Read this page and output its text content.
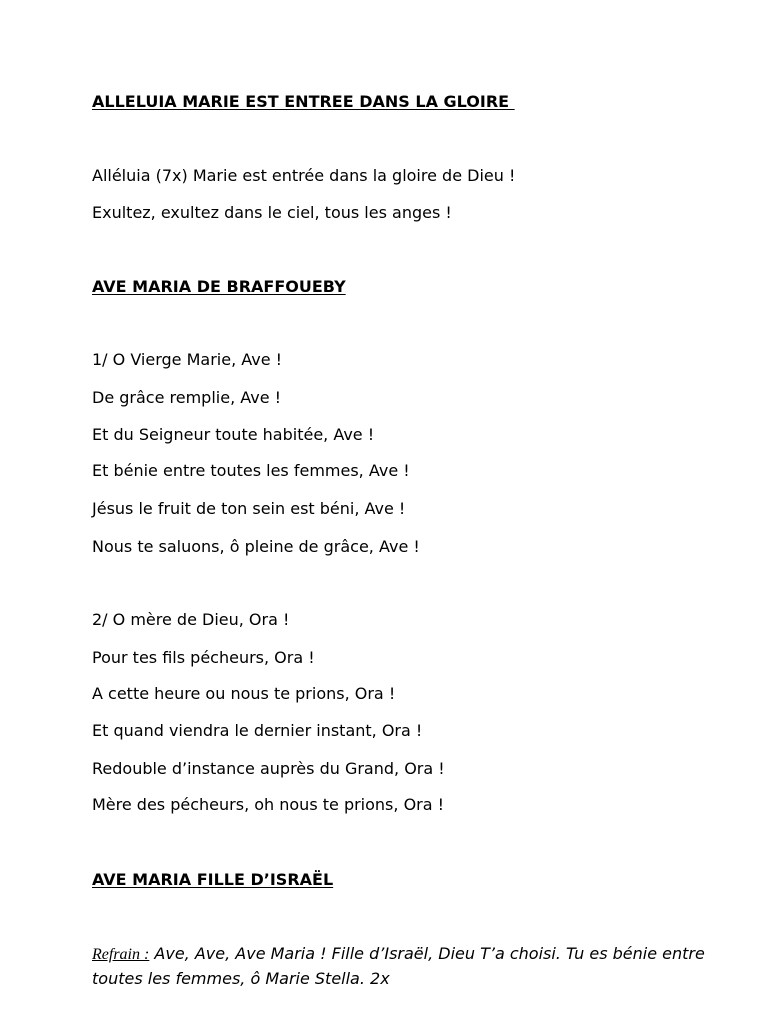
ALLELUIA MARIE EST ENTREE DANS LA GLOIRE
Alléluia (7x) Marie est entrée dans la gloire de Dieu !
Exultez, exultez dans le ciel, tous les anges !
AVE MARIA DE BRAFFOUEBY
1/ O Vierge Marie, Ave !
De grâce remplie, Ave !
Et du Seigneur toute habitée, Ave !
Et bénie entre toutes les femmes, Ave !
Jésus le fruit de ton sein est béni, Ave !
Nous te saluons, ô pleine de grâce, Ave !
2/ O mère de Dieu, Ora !
Pour tes fils pécheurs, Ora !
A cette heure ou nous te prions, Ora !
Et quand viendra le dernier instant, Ora !
Redouble d’instance auprès du Grand, Ora !
Mère des pécheurs, oh nous te prions, Ora !
AVE MARIA FILLE D’ISRAËL
Refrain : Ave, Ave, Ave Maria ! Fille d’Israël, Dieu T’a choisi. Tu es bénie entre toutes les femmes, ô Marie Stella. 2x
